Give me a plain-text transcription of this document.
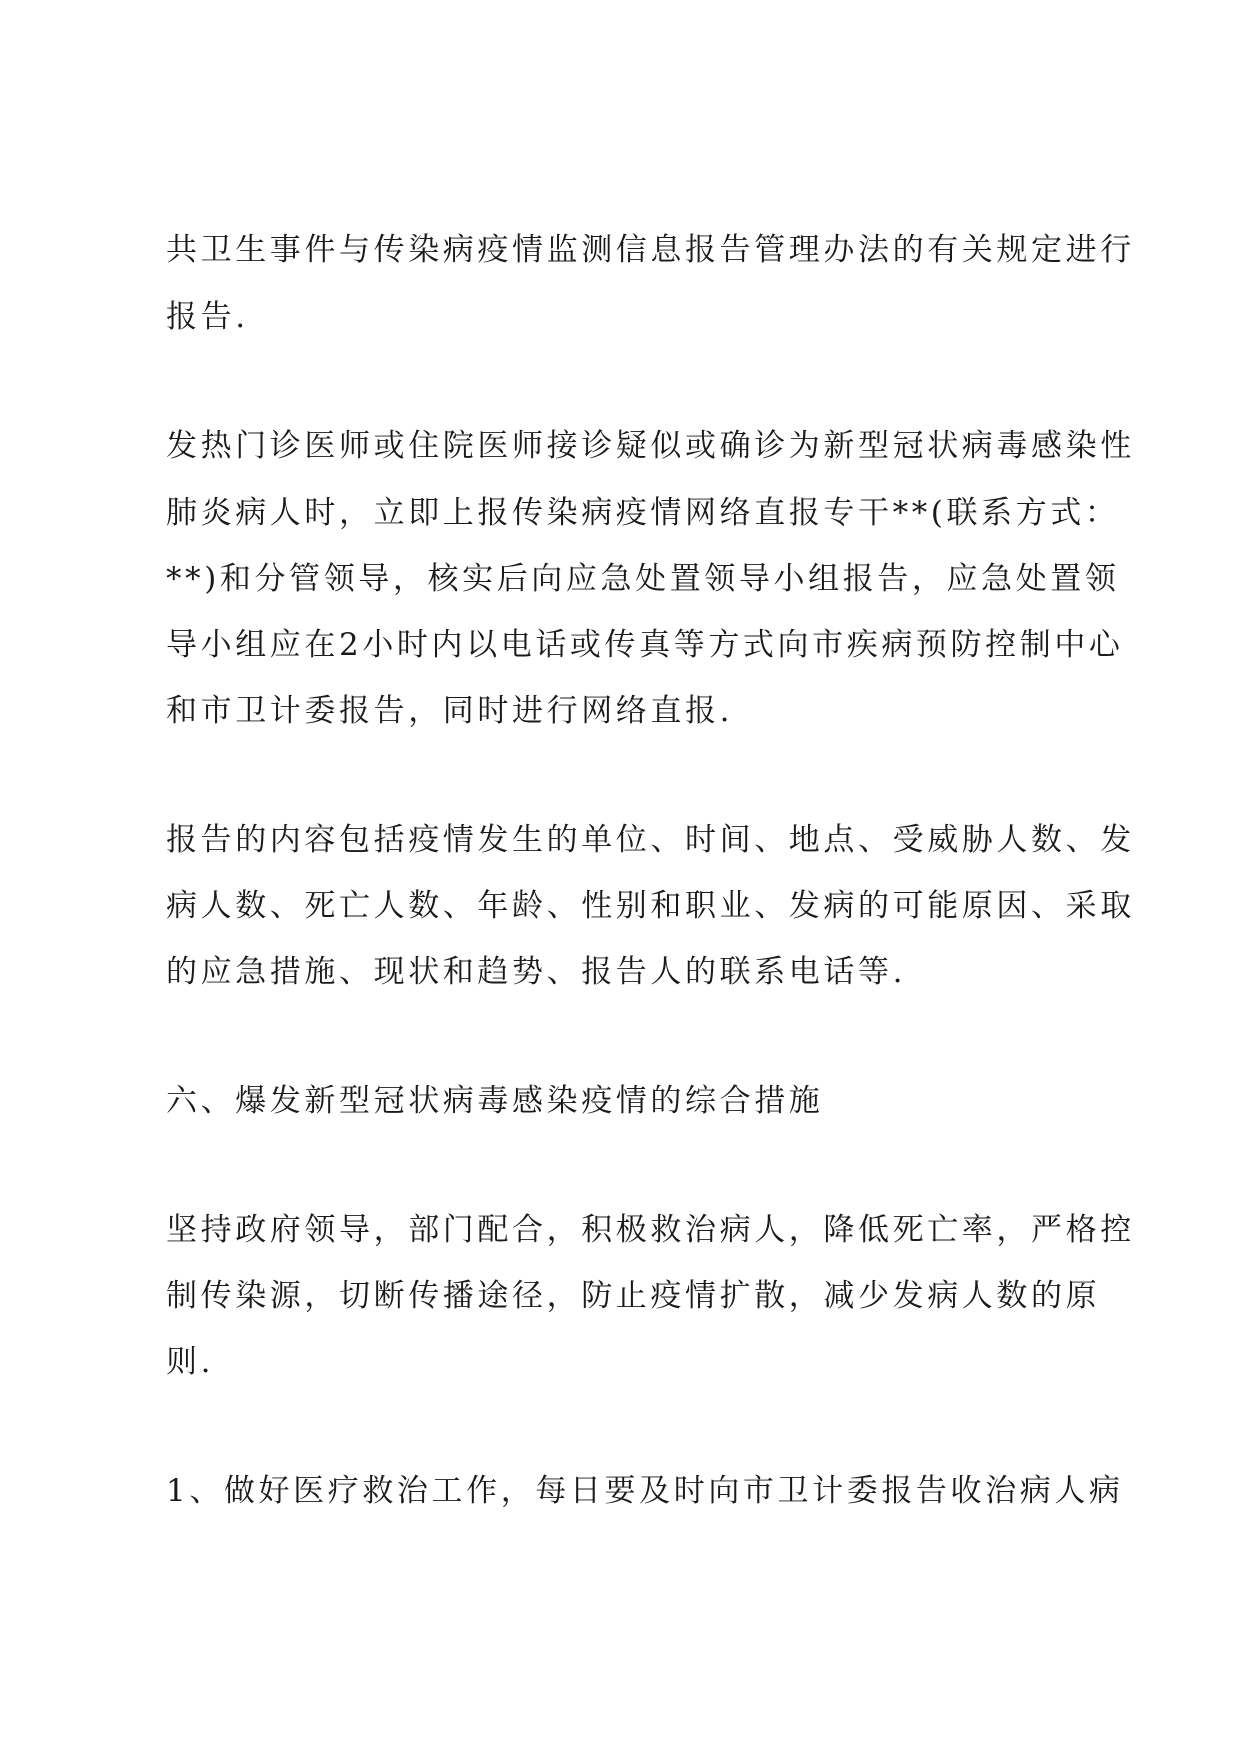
共卫生事件与传染病疫情监测信息报告管理办法的有关规定进行
报告.
发热门诊医师或住院医师接诊疑似或确诊为新型冠状病毒感染性
肺炎病人时，立即上报传染病疫情网络直报专干**(联系方式：
**)和分管领导，核实后向应急处置领导小组报告，应急处置领
导小组应在2小时内以电话或传真等方式向市疾病预防控制中心
和市卫计委报告，同时进行网络直报.
报告的内容包括疫情发生的单位、时间、地点、受威胁人数、发
病人数、死亡人数、年龄、性别和职业、发病的可能原因、采取
的应急措施、现状和趋势、报告人的联系电话等.
六、爆发新型冠状病毒感染疫情的综合措施
坚持政府领导，部门配合，积极救治病人，降低死亡率，严格控
制传染源，切断传播途径，防止疫情扩散，减少发病人数的原
则.
1、做好医疗救治工作，每日要及时向市卫计委报告收治病人病
